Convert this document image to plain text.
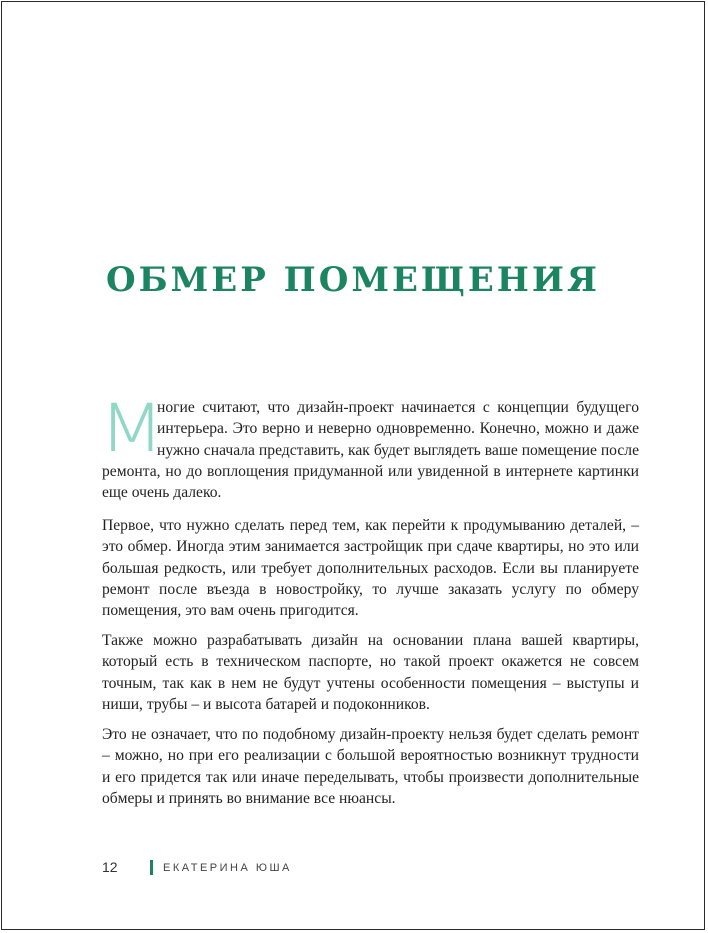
ОБМЕР ПОМЕЩЕНИЯ

М
ногие считают, что дизайн-проект начинается с концепции будущего интерьера. Это верно и неверно одновременно. Конечно, можно и даже нужно сначала представить, как будет выглядеть ваше помещение после ремонта, но до воплощения придуманной или увиденной в интернете картинки еще очень далеко.

Первое, что нужно сделать перед тем, как перейти к продумыванию деталей, – это обмер. Иногда этим занимается застройщик при сдаче квартиры, но это или большая редкость, или требует дополнительных расходов. Если вы планируете ремонт после въезда в новостройку, то лучше заказать услугу по обмеру помещения, это вам очень пригодится.

Также можно разрабатывать дизайн на основании плана вашей квартиры, который есть в техническом паспорте, но такой проект окажется не совсем точным, так как в нем не будут учтены особенности помещения – выступы и ниши, трубы – и высота батарей и подоконников.

Это не означает, что по подобному дизайн-проекту нельзя будет сделать ремонт – можно, но при его реализации с большой вероятностью возникнут трудности и его придется так или иначе переделывать, чтобы произвести дополнительные обмеры и принять во внимание все нюансы.

12	ЕКАТЕРИНА ЮША
